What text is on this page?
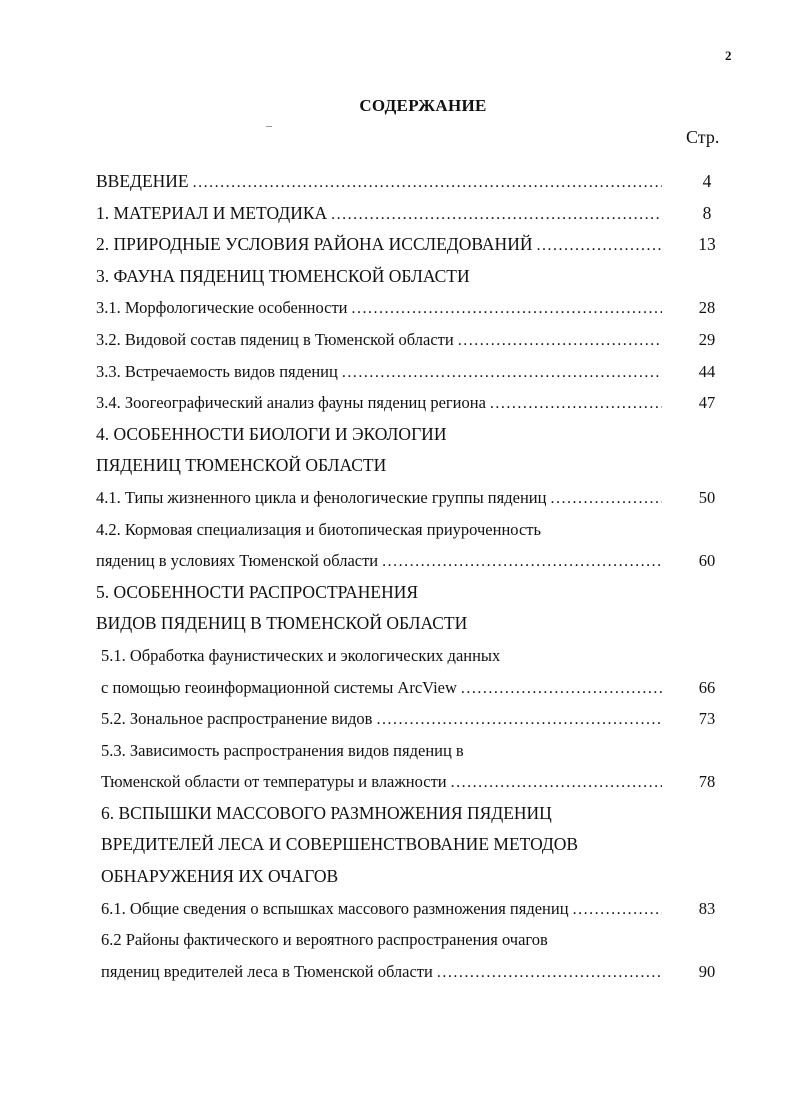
2
СОДЕРЖАНИЕ
Стр.
ВВЕДЕНИЕ .....	4
1. МАТЕРИАЛ И МЕТОДИКА .....	8
2. ПРИРОДНЫЕ УСЛОВИЯ РАЙОНА ИССЛЕДОВАНИЙ .....	13
3. ФАУНА ПЯДЕНИЦ ТЮМЕНСКОЙ ОБЛАСТИ
3.1. Морфологические особенности .....	28
3.2. Видовой состав пядениц в Тюменской области .....	29
3.3. Встречаемость видов пядениц .....	44
3.4. Зоогеографический анализ фауны пядениц региона .....	47
4. ОСОБЕННОСТИ БИОЛОГИ И ЭКОЛОГИИ
ПЯДЕНИЦ ТЮМЕНСКОЙ ОБЛАСТИ
4.1. Типы жизненного цикла и фенологические группы пядениц .....	50
4.2. Кормовая специализация и биотопическая приуроченность
пядениц в условиях Тюменской области .....	60
5. ОСОБЕННОСТИ РАСПРОСТРАНЕНИЯ
ВИДОВ ПЯДЕНИЦ В ТЮМЕНСКОЙ ОБЛАСТИ
5.1. Обработка фаунистических и экологических данных
с помощью геоинформационной системы ArcView .....	66
5.2. Зональное распространение видов .....	73
5.3. Зависимость распространения видов пядениц в
Тюменской области от температуры и влажности .....	78
6. ВСПЫШКИ МАССОВОГО РАЗМНОЖЕНИЯ ПЯДЕНИЦ
ВРЕДИТЕЛЕЙ ЛЕСА И СОВЕРШЕНСТВОВАНИЕ МЕТОДОВ
ОБНАРУЖЕНИЯ ИХ ОЧАГОВ
6.1. Общие сведения о вспышках массового размножения пядениц .....	83
6.2 Районы фактического и вероятного распространения очагов
пядениц вредителей леса в Тюменской области .....	90
